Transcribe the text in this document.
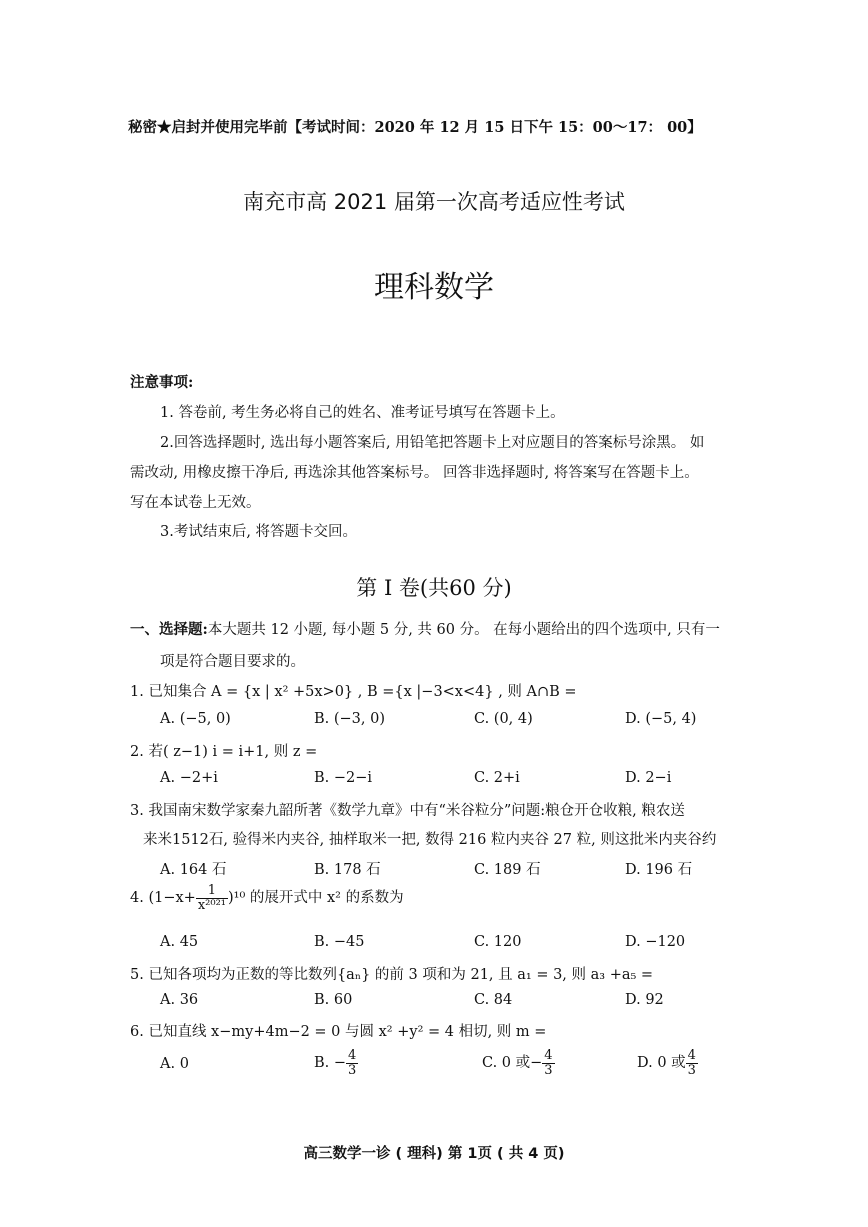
秘密★启封并使用完毕前【考试时间：2020 年 12 月 15 日下午 15：00～17： 00】
南充市高 2021 届第一次高考适应性考试
理科数学
注意事项:
1. 答卷前, 考生务必将自己的姓名、准考证号填写在答题卡上。
2.回答选择题时, 选出每小题答案后, 用铅笔把答题卡上对应题目的答案标号涂黑。 如
需改动, 用橡皮擦干净后, 再选涂其他答案标号。 回答非选择题时, 将答案写在答题卡上。
写在本试卷上无效。
3.考试结束后, 将答题卡交回。
第 I 卷(共60 分)
一、选择题:本大题共 12 小题, 每小题 5 分, 共 60 分。 在每小题给出的四个选项中, 只有一
项是符合题目要求的。
1. 已知集合 A = {x | x² +5x>0} , B ={x |−3<x<4} , 则 A∩B =
A. (−5, 0)	B. (−3, 0)	C. (0, 4)	D. (−5, 4)
2. 若( z−1) i = i+1, 则 z =
A. −2+i	B. −2−i	C. 2+i	D. 2−i
3. 我国南宋数学家秦九韶所著《数学九章》中有“米谷粒分”问题:粮仓开仓收粮, 粮农送
来米1512石, 验得米内夹谷, 抽样取米一把, 数得 216 粒内夹谷 27 粒, 则这批米内夹谷约
A. 164 石	B. 178 石	C. 189 石	D. 196 石
4. $(1-x+ \frac{1}{\text{x²⁰²¹}} )^{10}$ 的展开式中 x² 的系数为
A. 45	B. −45	C. 120	D. −120
5. 已知各项均为正数的等比数列{aₙ} 的前 3 项和为 21, 且 a₁ = 3, 则 a₃ +a₅ =
A. 36	B. 60	C. 84	D. 92
6. 已知直线 x−my+4m−2 = 0 与圆 x² +y² = 4 相切, 则 m =
A. 0	B. − $\frac{4}{3}$	C. 0 或− $\frac{4}{3}$	D. 0 或 $\frac{4}{3}$
高三数学一诊 ( 理科) 第 1页 ( 共 4 页)
